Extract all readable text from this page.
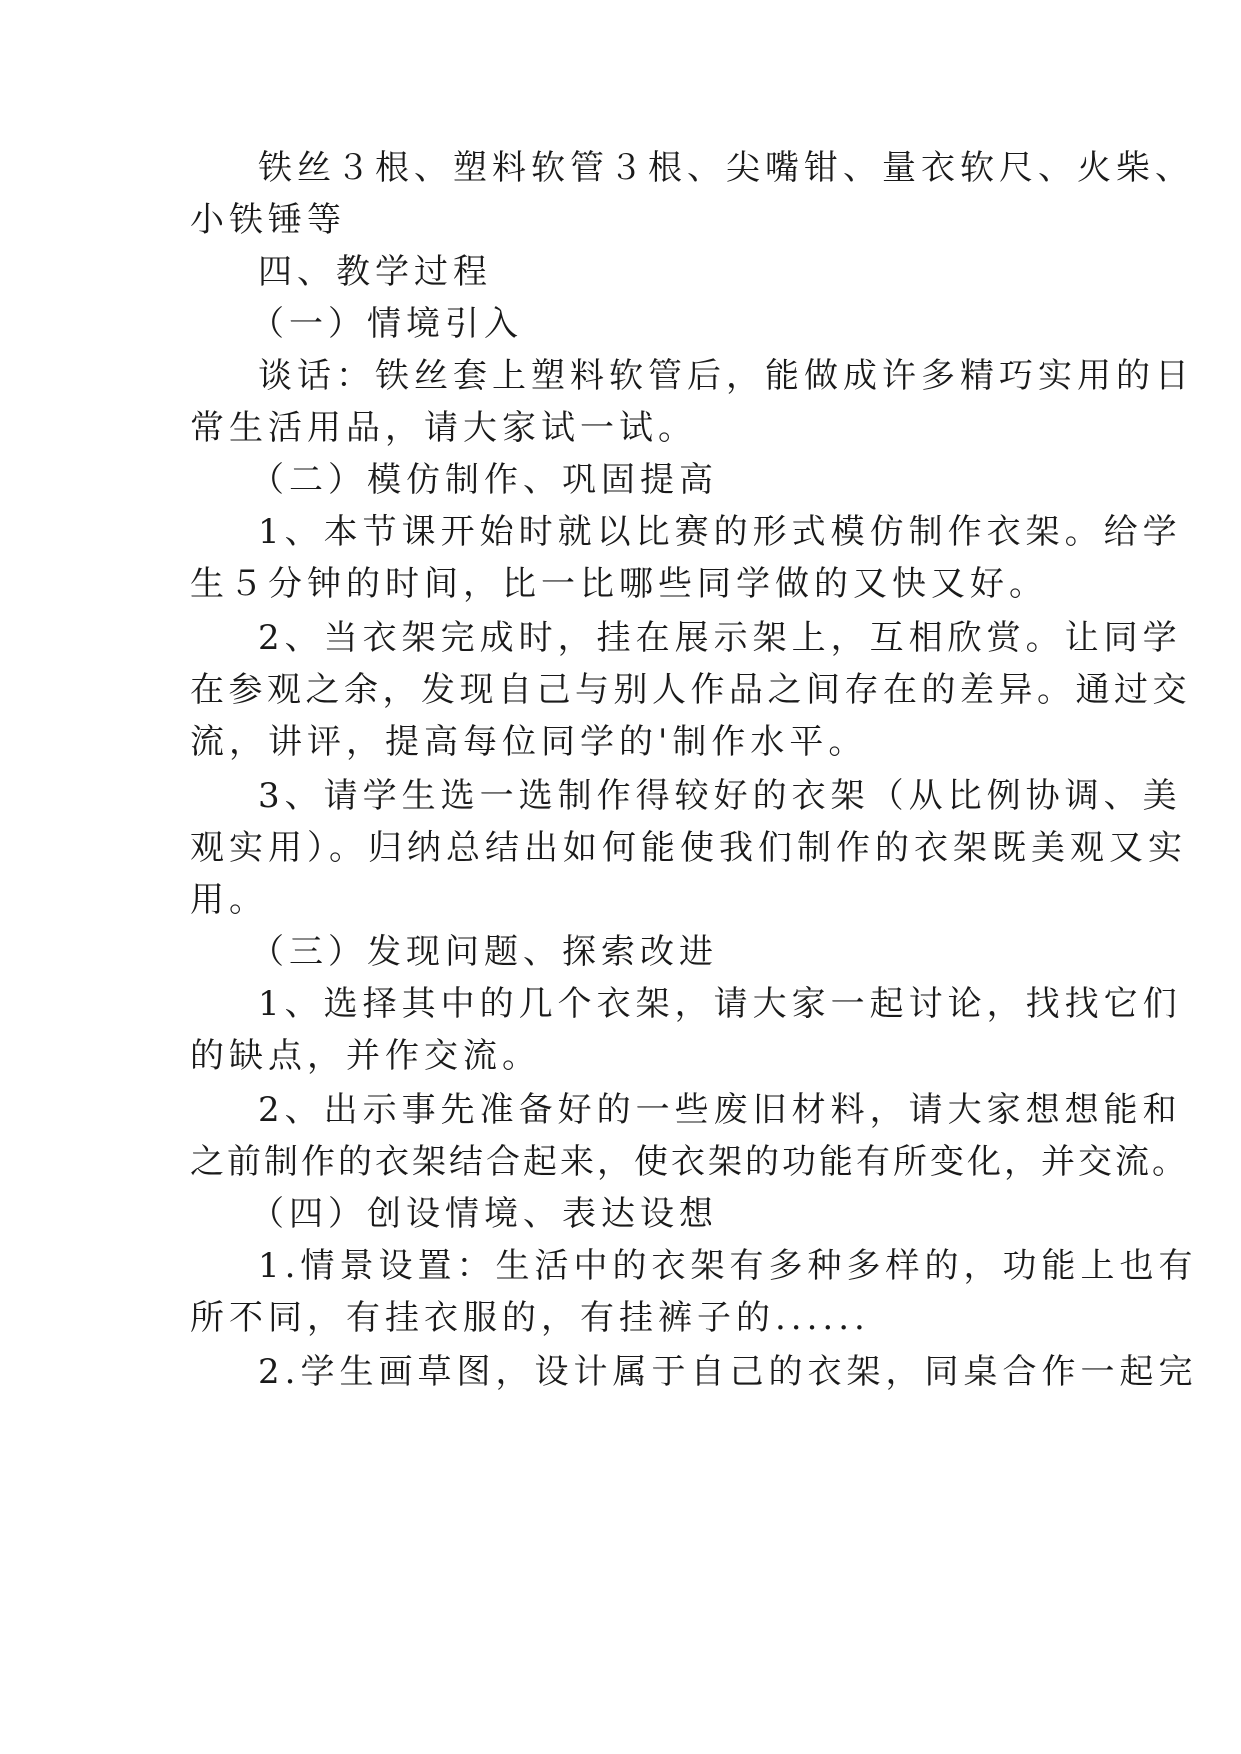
铁丝３根、塑料软管３根、尖嘴钳、量衣软尺、火柴、
小铁锤等
四、教学过程
（一）情境引入
谈话：铁丝套上塑料软管后，能做成许多精巧实用的日
常生活用品，请大家试一试。
（二）模仿制作、巩固提高
1、本节课开始时就以比赛的形式模仿制作衣架。给学
生５分钟的时间，比一比哪些同学做的又快又好。
2、当衣架完成时，挂在展示架上，互相欣赏。让同学
在参观之余，发现自己与别人作品之间存在的差异。通过交
流，讲评，提高每位同学的'制作水平。
3、请学生选一选制作得较好的衣架（从比例协调、美
观实用）。归纳总结出如何能使我们制作的衣架既美观又实
用。
（三）发现问题、探索改进
1、选择其中的几个衣架，请大家一起讨论，找找它们
的缺点，并作交流。
2、出示事先准备好的一些废旧材料，请大家想想能和
之前制作的衣架结合起来，使衣架的功能有所变化，并交流。
（四）创设情境、表达设想
1.情景设置：生活中的衣架有多种多样的，功能上也有
所不同，有挂衣服的，有挂裤子的......
2.学生画草图，设计属于自己的衣架，同桌合作一起完
